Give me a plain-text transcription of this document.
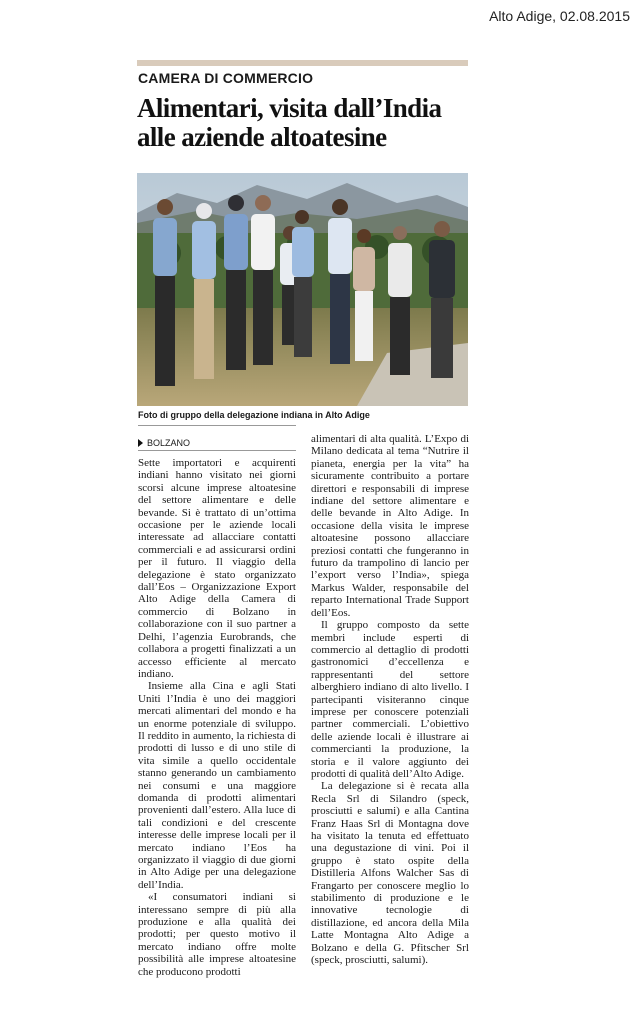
Alto Adige, 02.08.2015
CAMERA DI COMMERCIO
Alimentari, visita dall’India alle aziende altoatesine
Foto di gruppo della delegazione indiana in Alto Adige
BOLZANO

Sette importatori e acquirenti indiani hanno visitato nei giorni scorsi alcune imprese altoatesine del settore alimentare e delle bevande. Si è trattato di un’ottima occasione per le aziende locali interessate ad allacciare contatti commerciali e ad assicurarsi ordini per il futuro. Il viaggio della delegazione è stato organizzato dall’Eos – Organizzazione Export Alto Adige della Camera di commercio di Bolzano in collaborazione con il suo partner a Delhi, l’agenzia Eurobrands, che collabora a progetti finalizzati a un accesso efficiente al mercato indiano.

Insieme alla Cina e agli Stati Uniti l’India è uno dei maggiori mercati alimentari del mondo e ha un enorme potenziale di sviluppo. Il reddito in aumento, la richiesta di prodotti di lusso e di uno stile di vita simile a quello occidentale stanno generando un cambiamento nei consumi e una maggiore domanda di prodotti alimentari provenienti dall’estero. Alla luce di tali condizioni e del crescente interesse delle imprese locali per il mercato indiano l’Eos ha organizzato il viaggio di due giorni in Alto Adige per una delegazione dell’India.

«I consumatori indiani si interessano sempre di più alla produzione e alla qualità dei prodotti; per questo motivo il mercato indiano offre molte possibilità alle imprese altoatesine che producono prodotti

alimentari di alta qualità. L’Expo di Milano dedicata al tema “Nutrire il pianeta, energia per la vita” ha sicuramente contribuito a portare direttori e responsabili di imprese indiane del settore alimentare e delle bevande in Alto Adige. In occasione della visita le imprese altoatesine possono allacciare preziosi contatti che fungeranno in futuro da trampolino di lancio per l’export verso l’India», spiega Markus Walder, responsabile del reparto International Trade Support dell’Eos.

Il gruppo composto da sette membri include esperti di commercio al dettaglio di prodotti gastronomici d’eccellenza e rappresentanti del settore alberghiero indiano di alto livello. I partecipanti visiteranno cinque imprese per conoscere potenziali partner commerciali. L’obiettivo delle aziende locali è illustrare ai commercianti la produzione, la storia e il valore aggiunto dei prodotti di qualità dell’Alto Adige.

La delegazione si è recata alla Recla Srl di Silandro (speck, prosciutti e salumi) e alla Cantina Franz Haas Srl di Montagna dove ha visitato la tenuta ed effettuato una degustazione di vini. Poi il gruppo è stato ospite della Distilleria Alfons Walcher Sas di Frangarto per conoscere meglio lo stabilimento di produzione e le innovative tecnologie di distillazione, ed ancora della Mila Latte Montagna Alto Adige a Bolzano e della G. Pfitscher Srl (speck, prosciutti, salumi).
